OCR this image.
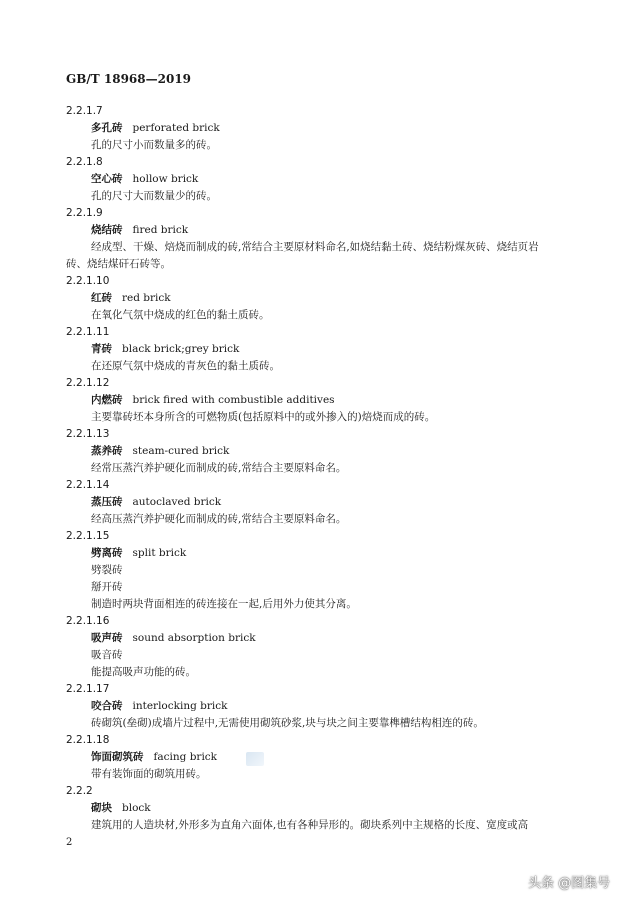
GB/T 18968—2019
2.2.1.7
多孔砖 perforated brick
孔的尺寸小而数量多的砖。
2.2.1.8
空心砖 hollow brick
孔的尺寸大而数量少的砖。
2.2.1.9
烧结砖 fired brick
经成型、干燥、焙烧而制成的砖,常结合主要原材料命名,如烧结黏土砖、烧结粉煤灰砖、烧结页岩
砖、烧结煤矸石砖等。
2.2.1.10
红砖 red brick
在氧化气氛中烧成的红色的黏土质砖。
2.2.1.11
青砖 black brick;grey brick
在还原气氛中烧成的青灰色的黏土质砖。
2.2.1.12
内燃砖 brick fired with combustible additives
主要靠砖坯本身所含的可燃物质(包括原料中的或外掺入的)焙烧而成的砖。
2.2.1.13
蒸养砖 steam-cured brick
经常压蒸汽养护硬化而制成的砖,常结合主要原料命名。
2.2.1.14
蒸压砖 autoclaved brick
经高压蒸汽养护硬化而制成的砖,常结合主要原料命名。
2.2.1.15
劈离砖 split brick
劈裂砖
掰开砖
制造时两块背面相连的砖连接在一起,后用外力使其分离。
2.2.1.16
吸声砖 sound absorption brick
吸音砖
能提高吸声功能的砖。
2.2.1.17
咬合砖 interlocking brick
砖砌筑(垒砌)成墙片过程中,无需使用砌筑砂浆,块与块之间主要靠榫槽结构相连的砖。
2.2.1.18
饰面砌筑砖 facing brick
带有装饰面的砌筑用砖。
2.2.2
砌块 block
建筑用的人造块材,外形多为直角六面体,也有各种异形的。砌块系列中主规格的长度、宽度或高
2
头条 @图集号
